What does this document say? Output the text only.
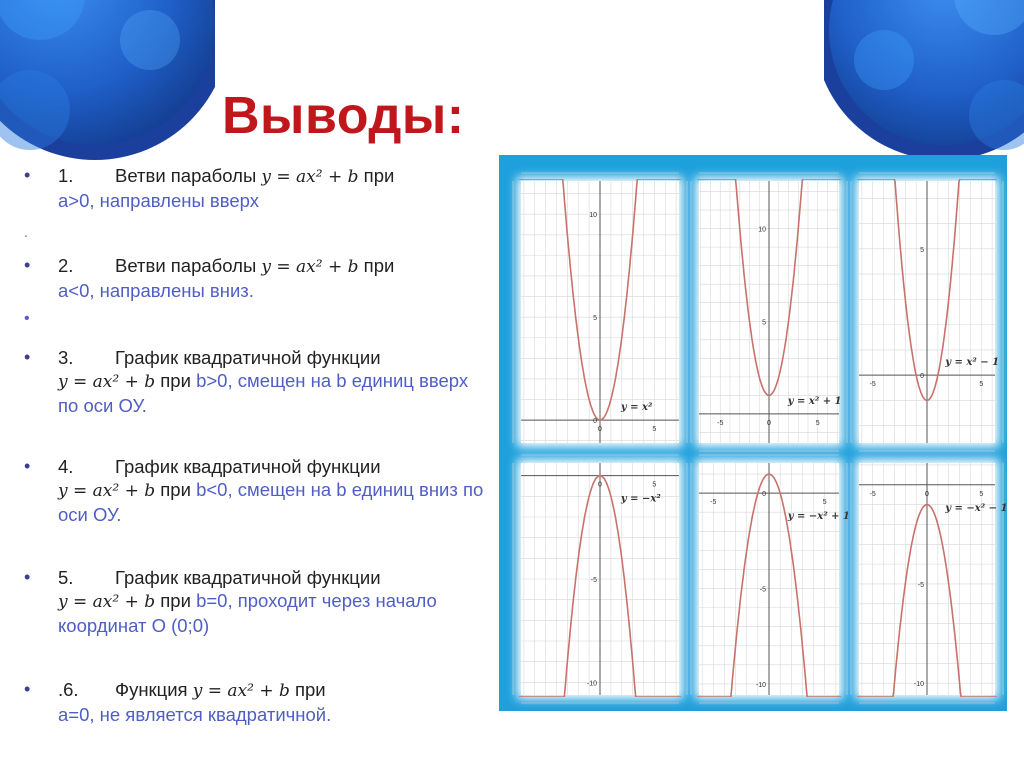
Выводы:
•	1. Ветви параболы y = ax² + b при
a>0, направлены вверх
.
•	2. Ветви параболы y = ax² + b при
a<0, направлены вниз.
•
•	3. График квадратичной функции
y = ax² + b при b>0, смещен на b единиц вверх по оси ОУ.
•	4. График квадратичной функции
y = ax² + b при b<0, смещен на b единиц вниз по оси ОУ.
•	5. График квадратичной функции
y = ax² + b при b=0, проходит через начало координат О (0;0)
•	.6. Функция y = ax² + b при
a=0, не является квадратичной.
10
5
0
5
0
y = x²
10
5
-5	0	5
y = x² + 1
5
0
-5	5
y = x² − 1
-5
-10
5
0
y = −x²	0
-5
-10
-5	5
y = −x² + 1
-5
-10
-5	0	5
y = −x² − 1
